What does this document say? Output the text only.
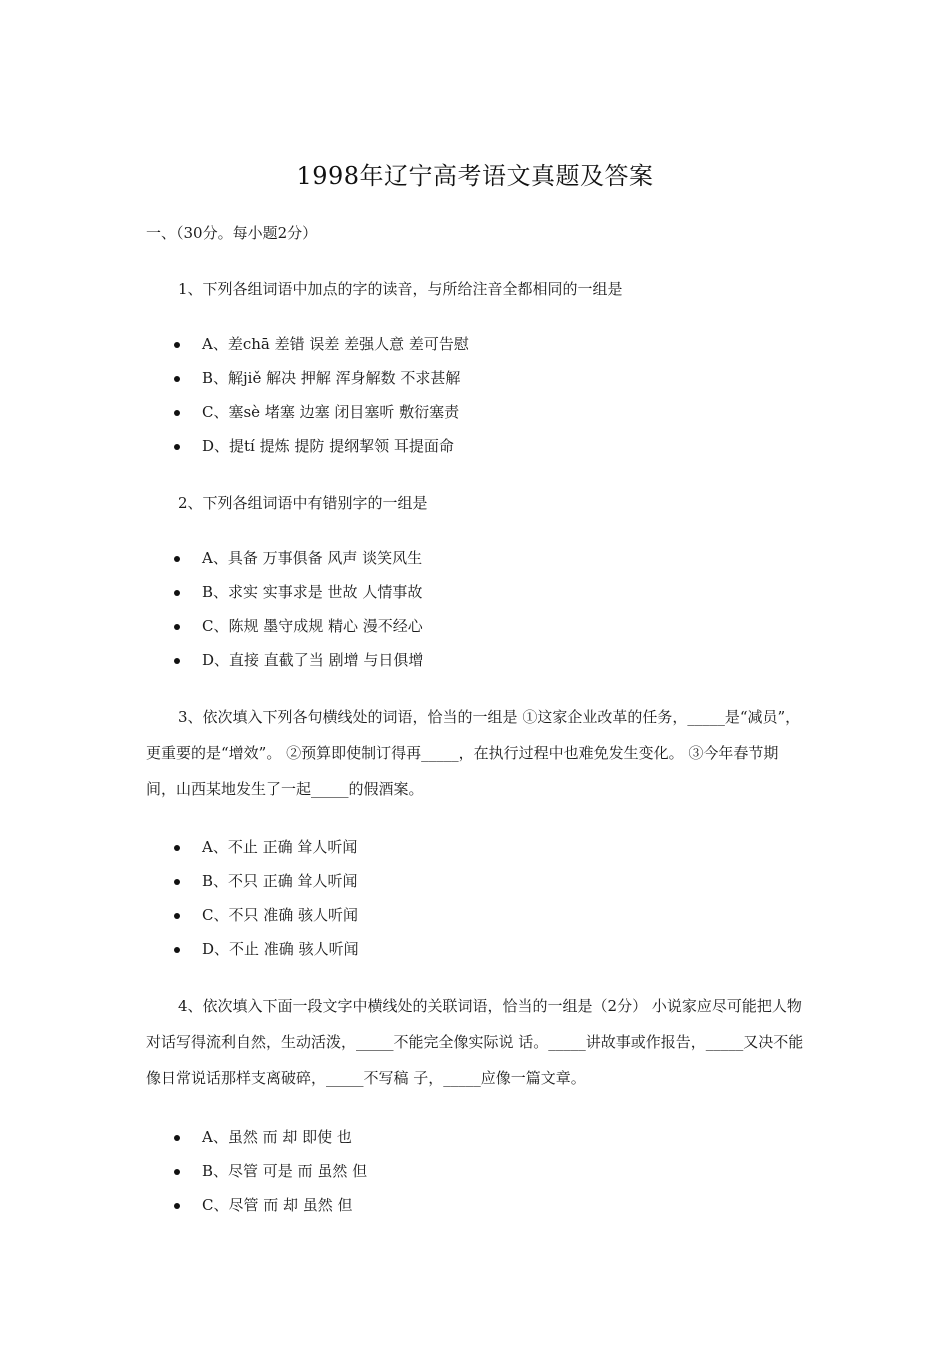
1998年辽宁高考语文真题及答案
一、（30分。每小题2分）

1、下列各组词语中加点的字的读音，与所给注音全都相同的一组是

A、差chā 差错 误差 差强人意 差可告慰
B、解jiě 解决 押解 浑身解数 不求甚解
C、塞sè 堵塞 边塞 闭目塞听 敷衍塞责
D、提tí 提炼 提防 提纲挈领 耳提面命

2、下列各组词语中有错别字的一组是

A、具备 万事俱备 风声 谈笑风生
B、求实 实事求是 世故 人情事故
C、陈规 墨守成规 精心 漫不经心
D、直接 直截了当 剧增 与日俱增

3、依次填入下列各句横线处的词语，恰当的一组是 ①这家企业改革的任务，_____是“减员”，更重要的是“增效”。 ②预算即使制订得再_____，在执行过程中也难免发生变化。 ③今年春节期间，山西某地发生了一起_____的假酒案。

A、不止 正确 耸人听闻
B、不只 正确 耸人听闻
C、不只 准确 骇人听闻
D、不止 准确 骇人听闻

4、依次填入下面一段文字中横线处的关联词语，恰当的一组是（2分） 小说家应尽可能把人物对话写得流利自然，生动活泼，_____不能完全像实际说 话。_____讲故事或作报告，_____又决不能像日常说话那样支离破碎，_____不写稿 子，_____应像一篇文章。

A、虽然 而 却 即使 也
B、尽管 可是 而 虽然 但
C、尽管 而 却 虽然 但
